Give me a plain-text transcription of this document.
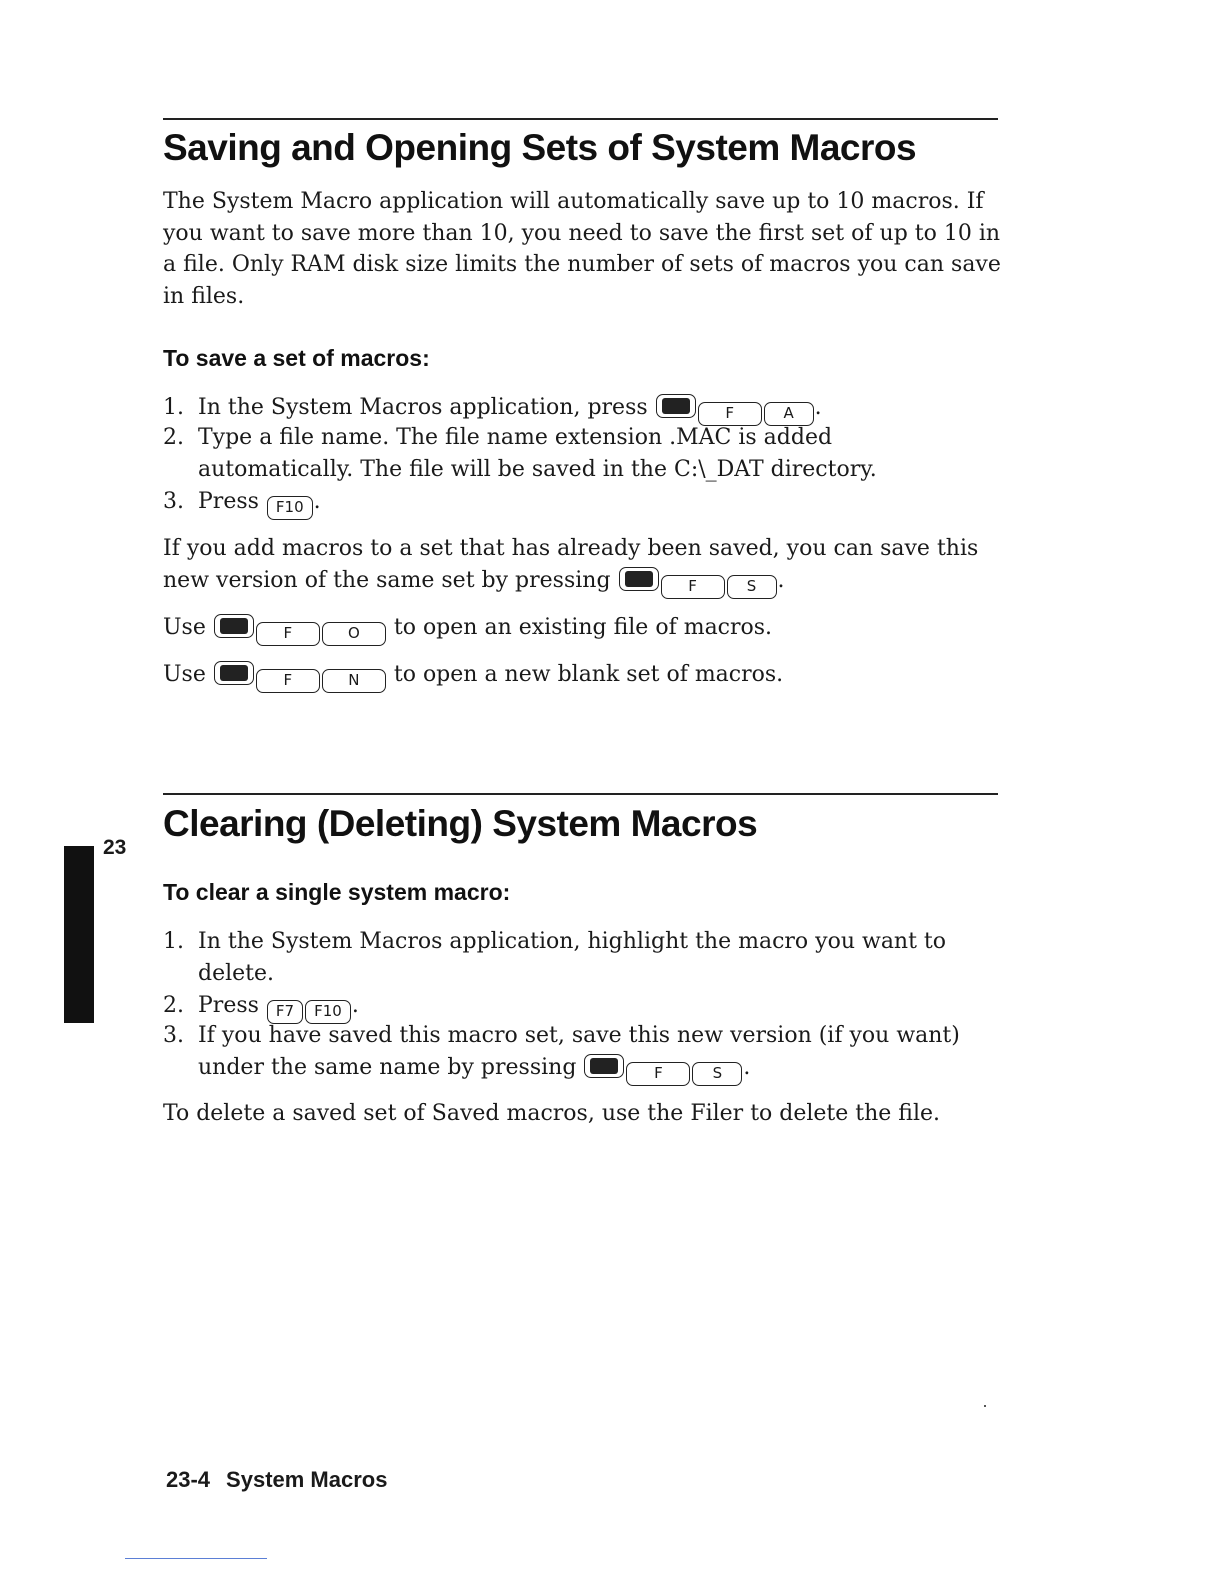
Saving and Opening Sets of System Macros

The System Macro application will automatically save up to 10 macros. If you want to save more than 10, you need to save the first set of up to 10 in a file. Only RAM disk size limits the number of sets of macros you can save in files.

To save a set of macros:
1. In the System Macros application, press	F	A .
2. Type a file name. The file name extension .MAC is added automatically. The file will be saved in the C:\_DAT directory.
3. Press F10 .

If you add macros to a set that has already been saved, you can save this new version of the same set by pressing	F	S .

Use	F	O to open an existing file of macros.
Use	F	N to open a new blank set of macros.
Clearing (Deleting) System Macros
23
To clear a single system macro:
1. In the System Macros application, highlight the macro you want to delete.
2. Press F7 F10 .
3. If you have saved this macro set, save this new version (if you want) under the same name by pressing	F	S .

To delete a saved set of Saved macros, use the Filer to delete the file.

23-4 System Macros
